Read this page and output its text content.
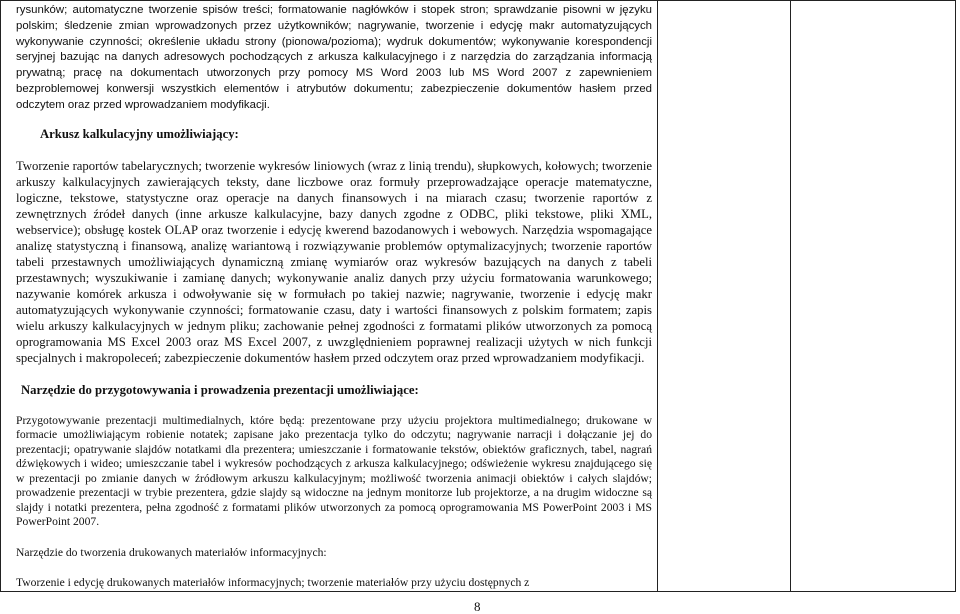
rysunków; automatyczne tworzenie spisów treści; formatowanie nagłówków i stopek stron; sprawdzanie pisowni w języku polskim; śledzenie zmian wprowadzonych przez użytkowników; nagrywanie, tworzenie i edycję makr automatyzujących wykonywanie czynności; określenie układu strony (pionowa/pozioma); wydruk dokumentów; wykonywanie korespondencji seryjnej bazując na danych adresowych pochodzących z arkusza kalkulacyjnego i z narzędzia do zarządzania informacją prywatną; pracę na dokumentach utworzonych przy pomocy MS Word 2003 lub MS Word 2007 z zapewnieniem bezproblemowej konwersji wszystkich elementów i atrybutów dokumentu; zabezpieczenie dokumentów hasłem przed odczytem oraz przed wprowadzaniem modyfikacji.

Arkusz kalkulacyjny umożliwiający:

Tworzenie raportów tabelarycznych; tworzenie wykresów liniowych (wraz z linią trendu), słupkowych, kołowych; tworzenie arkuszy kalkulacyjnych zawierających teksty, dane liczbowe oraz formuły przeprowadzające operacje matematyczne, logiczne, tekstowe, statystyczne oraz operacje na danych finansowych i na miarach czasu; tworzenie raportów z zewnętrznych źródeł danych (inne arkusze kalkulacyjne, bazy danych zgodne z ODBC, pliki tekstowe, pliki XML, webservice); obsługę kostek OLAP oraz tworzenie i edycję kwerend bazodanowych i webowych. Narzędzia wspomagające analizę statystyczną i finansową, analizę wariantową i rozwiązywanie problemów optymalizacyjnych; tworzenie raportów tabeli przestawnych umożliwiających dynamiczną zmianę wymiarów oraz wykresów bazujących na danych z tabeli przestawnych; wyszukiwanie i zamianę danych; wykonywanie analiz danych przy użyciu formatowania warunkowego; nazywanie komórek arkusza i odwoływanie się w formułach po takiej nazwie; nagrywanie, tworzenie i edycję makr automatyzujących wykonywanie czynności; formatowanie czasu, daty i wartości finansowych z polskim formatem; zapis wielu arkuszy kalkulacyjnych w jednym pliku; zachowanie pełnej zgodności z formatami plików utworzonych za pomocą oprogramowania MS Excel 2003 oraz MS Excel 2007, z uwzględnieniem poprawnej realizacji użytych w nich funkcji specjalnych i makropoleceń; zabezpieczenie dokumentów hasłem przed odczytem oraz przed wprowadzaniem modyfikacji.

Narzędzie do przygotowywania i prowadzenia prezentacji umożliwiające:

Przygotowywanie prezentacji multimedialnych, które będą: prezentowane przy użyciu projektora multimedialnego; drukowane w formacie umożliwiającym robienie notatek; zapisane jako prezentacja tylko do odczytu; nagrywanie narracji i dołączanie jej do prezentacji; opatrywanie slajdów notatkami dla prezentera; umieszczanie i formatowanie tekstów, obiektów graficznych, tabel, nagrań dźwiękowych i wideo; umieszczanie tabel i wykresów pochodzących z arkusza kalkulacyjnego; odświeżenie wykresu znajdującego się w prezentacji po zmianie danych w źródłowym arkuszu kalkulacyjnym; możliwość tworzenia animacji obiektów i całych slajdów; prowadzenie prezentacji w trybie prezentera, gdzie slajdy są widoczne na jednym monitorze lub projektorze, a na drugim widoczne są slajdy i notatki prezentera, pełna zgodność z formatami plików utworzonych za pomocą oprogramowania MS PowerPoint 2003 i MS PowerPoint 2007.

Narzędzie do tworzenia drukowanych materiałów informacyjnych:

Tworzenie i edycję drukowanych materiałów informacyjnych; tworzenie materiałów przy użyciu dostępnych z

8
